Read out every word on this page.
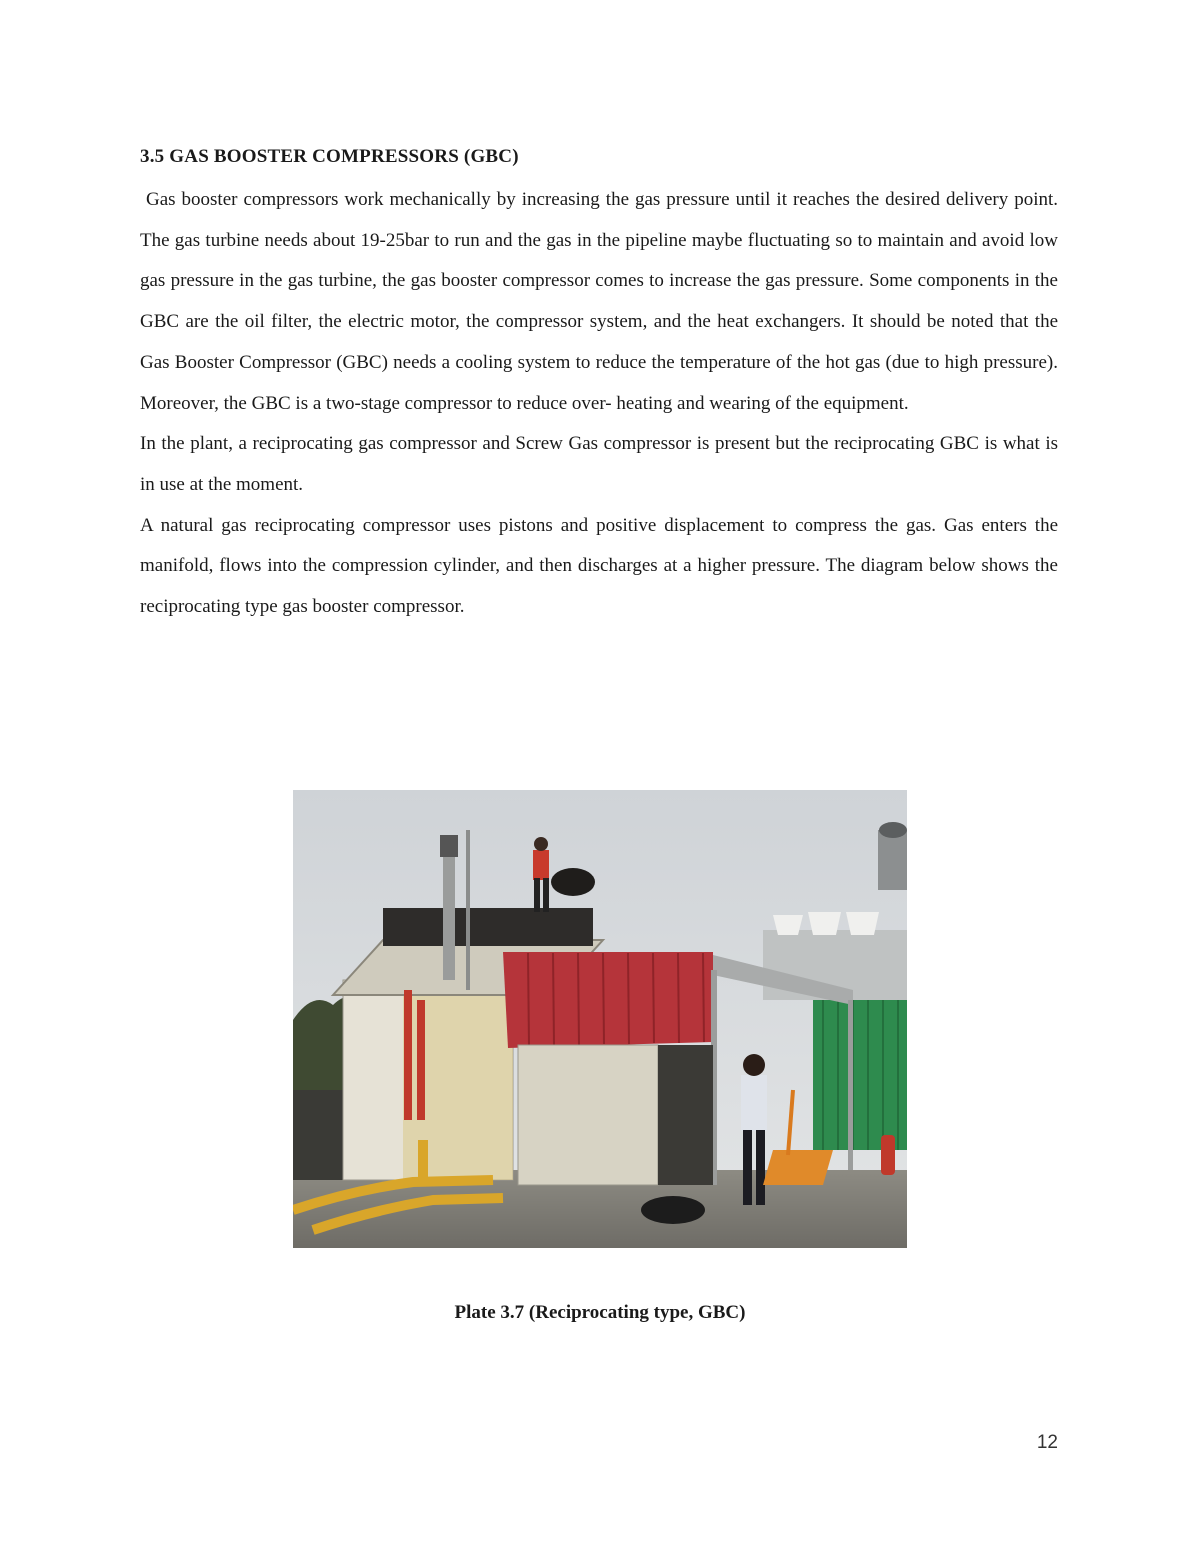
3.5 GAS BOOSTER COMPRESSORS (GBC)

Gas booster compressors work mechanically by increasing the gas pressure until it reaches the desired delivery point. The gas turbine needs about 19-25bar to run and the gas in the pipeline maybe fluctuating so to maintain and avoid low gas pressure in the gas turbine, the gas booster compressor comes to increase the gas pressure. Some components in the GBC are the oil filter, the electric motor, the compressor system, and the heat exchangers. It should be noted that the Gas Booster Compressor (GBC) needs a cooling system to reduce the temperature of the hot gas (due to high pressure). Moreover, the GBC is a two-stage compressor to reduce over- heating and wearing of the equipment.

In the plant, a reciprocating gas compressor and Screw Gas compressor is present but the reciprocating GBC is what is in use at the moment.

A natural gas reciprocating compressor uses pistons and positive displacement to compress the gas. Gas enters the manifold, flows into the compression cylinder, and then discharges at a higher pressure. The diagram below shows the reciprocating type gas booster compressor.

Plate 3.7 (Reciprocating type, GBC)
12
